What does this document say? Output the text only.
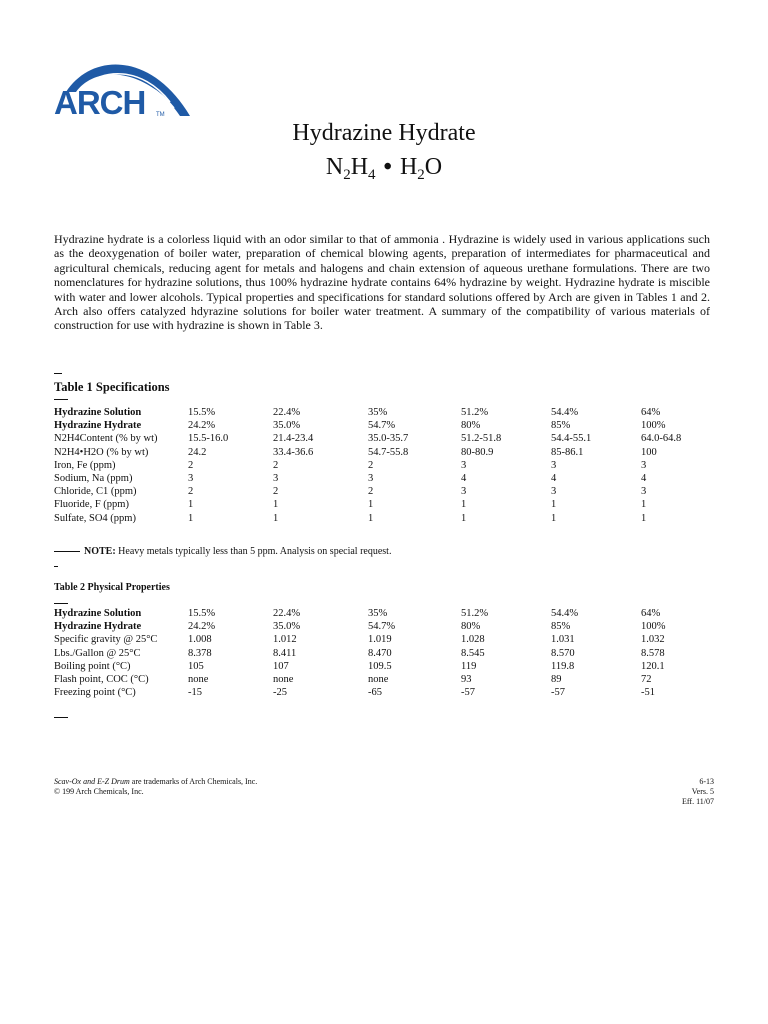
ARCH TM
Hydrazine Hydrate
$N_2H_4$ • $H_2O$

Hydrazine hydrate is a colorless liquid with an odor similar to that of ammonia . Hydrazine is widely used in various applications such as the deoxygenation of boiler water, preparation of chemical blowing agents, preparation of intermediates for pharmaceutical and agricultural chemicals, reducing agent for metals and halogens and chain extension of aqueous urethane formulations. There are two nomenclatures for hydrazine solutions, thus 100% hydrazine hydrate contains 64% hydrazine by weight. Hydrazine hydrate is miscible with water and lower alcohols. Typical properties and specifications for standard solutions offered by Arch are given in Tables 1 and 2. Arch also offers catalyzed hdyrazine solutions for boiler water treatment. A summary of the compatibility of various materials of construction for use with hydrazine is shown in Table 3.

Table 1 Specifications
Hydrazine Solution	15.5%	22.4%	35%	51.2%	54.4%	64%
Hydrazine Hydrate	24.2%	35.0%	54.7%	80%	85%	100%
N2H4Content (% by wt)	15.5-16.0	21.4-23.4	35.0-35.7	51.2-51.8	54.4-55.1	64.0-64.8
N2H4•H2O (% by wt)	24.2	33.4-36.6	54.7-55.8	80-80.9	85-86.1	100
Iron, Fe (ppm)	2	2	2	3	3	3
Sodium, Na (ppm)	3	3	3	4	4	4
Chloride, C1 (ppm)	2	2	2	3	3	3
Fluoride, F (ppm)	1	1	1	1	1	1
Sulfate, SO4 (ppm)	1	1	1	1	1	1
NOTE: Heavy metals typically less than 5 ppm. Analysis on special request.
Table 2 Physical Properties
Hydrazine Solution	15.5%	22.4%	35%	51.2%	54.4%	64%
Hydrazine Hydrate	24.2%	35.0%	54.7%	80%	85%	100%
Specific gravity @ 25°C	1.008	1.012	1.019	1.028	1.031	1.032
Lbs./Gallon @ 25°C	8.378	8.411	8.470	8.545	8.570	8.578
Boiling point (°C)	105	107	109.5	119	119.8	120.1
Flash point, COC (°C)	none	none	none	93	89	72
Freezing point (°C)	-15	-25	-65	-57	-57	-51
Scav-Ox and E-Z Drum are trademarks of Arch Chemicals, Inc.
© 199 Arch Chemicals, Inc.
6-13
Vers. 5
Eff. 11/07
